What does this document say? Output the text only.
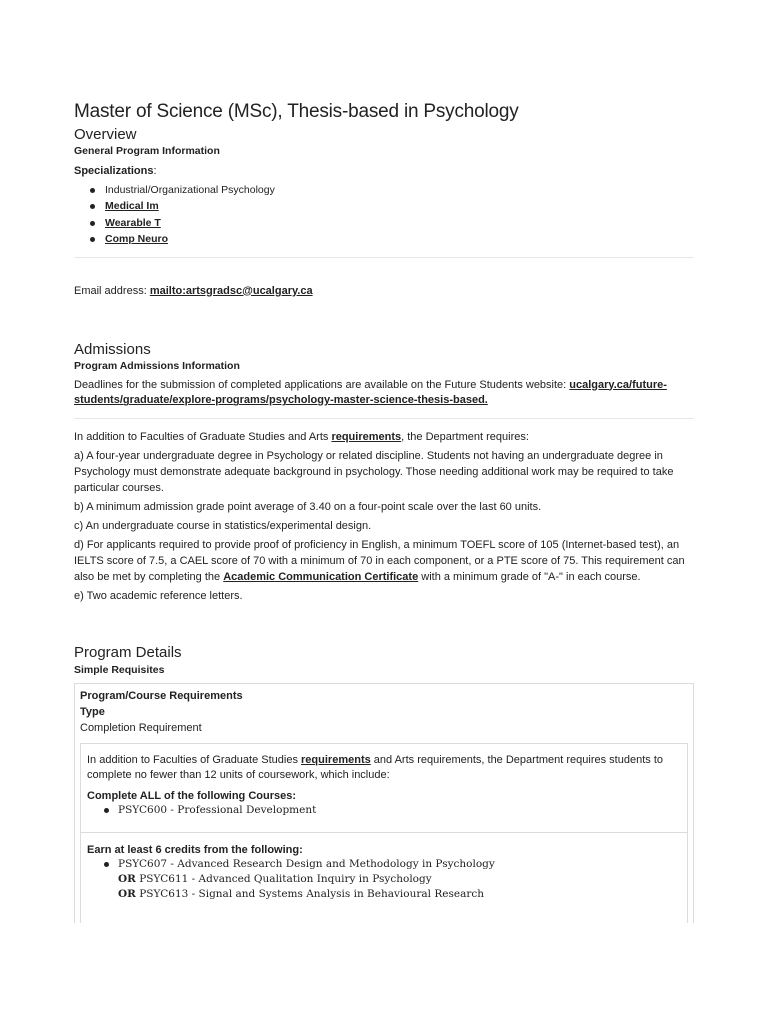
Master of Science (MSc), Thesis-based in Psychology
Overview
General Program Information
Specializations:
Industrial/Organizational Psychology
Medical Im
Wearable T
Comp Neuro
Email address: mailto:artsgradsc@ucalgary.ca
Admissions
Program Admissions Information

Deadlines for the submission of completed applications are available on the Future Students website: ucalgary.ca/future-students/graduate/explore-programs/psychology-master-science-thesis-based.

In addition to Faculties of Graduate Studies and Arts requirements, the Department requires:

a) A four-year undergraduate degree in Psychology or related discipline. Students not having an undergraduate degree in Psychology must demonstrate adequate background in psychology. Those needing additional work may be required to take particular courses.

b) A minimum admission grade point average of 3.40 on a four-point scale over the last 60 units.

c) An undergraduate course in statistics/experimental design.

d) For applicants required to provide proof of proficiency in English, a minimum TOEFL score of 105 (Internet-based test), an IELTS score of 7.5, a CAEL score of 70 with a minimum of 70 in each component, or a PTE score of 75. This requirement can also be met by completing the Academic Communication Certificate with a minimum grade of "A-" in each course.

e) Two academic reference letters.

Program Details
Simple Requisites
Program/Course Requirements
Type
Completion Requirement

In addition to Faculties of Graduate Studies requirements and Arts requirements, the Department requires students to complete no fewer than 12 units of coursework, which include:

Complete ALL of the following Courses:
PSYC600 - Professional Development
Earn at least 6 credits from the following:
PSYC607 - Advanced Research Design and Methodology in Psychology
OR PSYC611 - Advanced Qualitation Inquiry in Psychology
OR PSYC613 - Signal and Systems Analysis in Behavioural Research
